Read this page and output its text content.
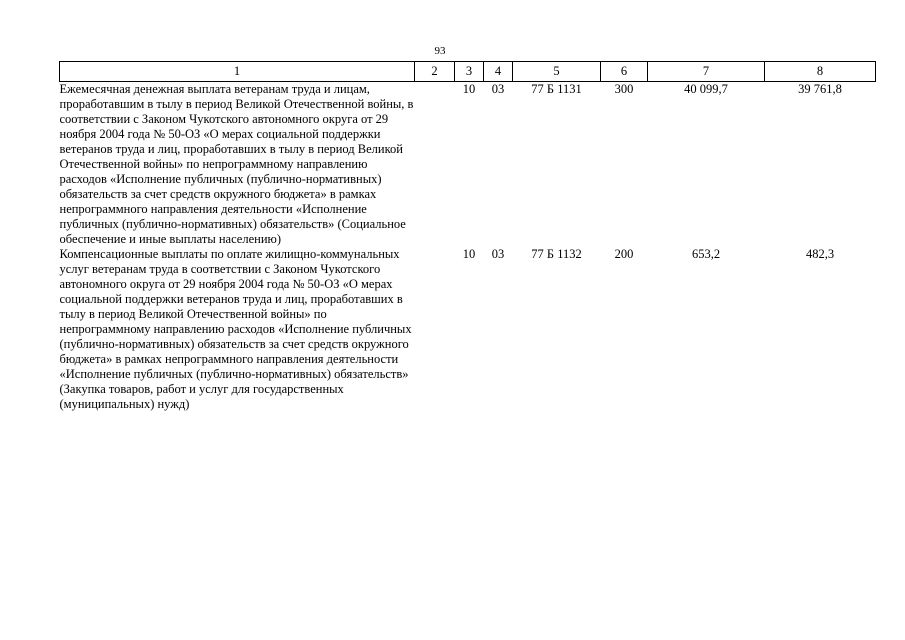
93
1	2	3	4	5	6	7	8
Ежемесячная денежная выплата ветеранам труда и лицам, проработавшим в тылу в период Великой Отечественной войны, в соответствии с Законом Чукотского автономного округа от 29 ноября 2004 года № 50-ОЗ «О мерах социальной поддержки ветеранов труда и лиц, проработавших в тылу в период Великой Отечественной войны» по непрограммному направлению расходов «Исполнение публичных (публично-нормативных) обязательств за счет средств окружного бюджета» в рамках непрограммного направления деятельности «Исполнение публичных (публично-нормативных) обязательств» (Социальное обеспечение и иные выплаты населению)		10	03	77 Б 1131	300	40 099,7	39 761,8
Компенсационные выплаты по оплате жилищно-коммунальных услуг ветеранам труда в соответствии с Законом Чукотского автономного округа от 29 ноября 2004 года № 50-ОЗ «О мерах социальной поддержки ветеранов труда и лиц, проработавших в тылу в период Великой Отечественной войны» по непрограммному направлению расходов «Исполнение публичных (публично-нормативных) обязательств за счет средств окружного бюджета» в рамках непрограммного направления деятельности «Исполнение публичных (публично-нормативных) обязательств» (Закупка товаров, работ и услуг для государственных (муниципальных) нужд)		10	03	77 Б 1132	200	653,2	482,3
